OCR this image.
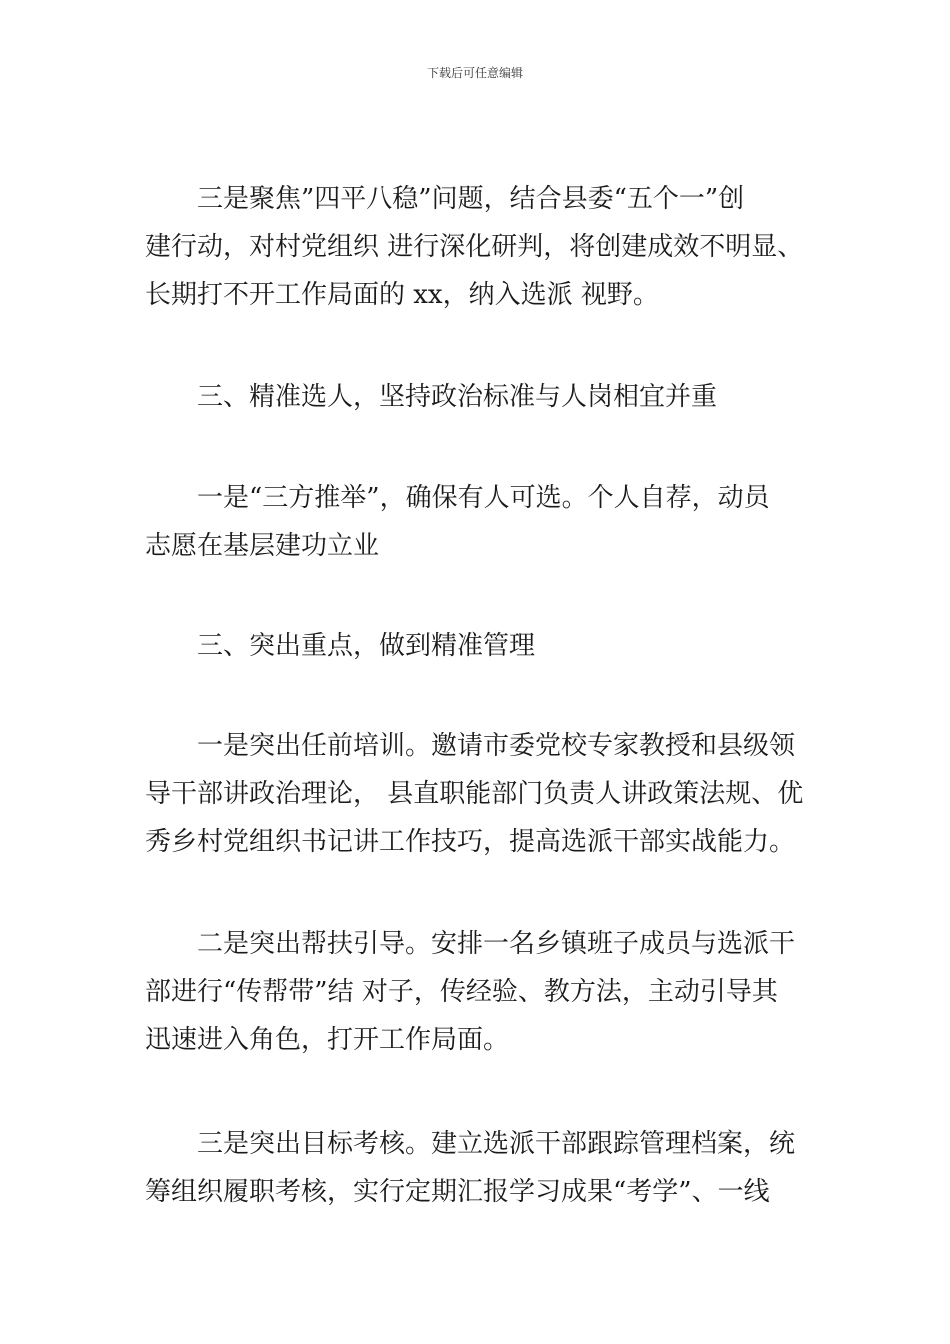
下载后可任意编辑
三是聚焦”四平八稳”问题，结合县委“五个一”创
建行动，对村党组织 进行深化研判，将创建成效不明显、
长期打不开工作局面的 xx，纳入选派 视野。
三、精准选人，坚持政治标准与人岗相宜并重
一是“三方推举”，确保有人可选。个人自荐，动员
志愿在基层建功立业
三、突出重点，做到精准管理
一是突出任前培训。邀请市委党校专家教授和县级领
导干部讲政治理论， 县直职能部门负责人讲政策法规、优
秀乡村党组织书记讲工作技巧，提高选派干部实战能力。
二是突出帮扶引导。安排一名乡镇班子成员与选派干
部进行“传帮带”结 对子，传经验、教方法，主动引导其
迅速进入角色，打开工作局面。
三是突出目标考核。建立选派干部跟踪管理档案，统
筹组织履职考核，实行定期汇报学习成果“考学”、一线
